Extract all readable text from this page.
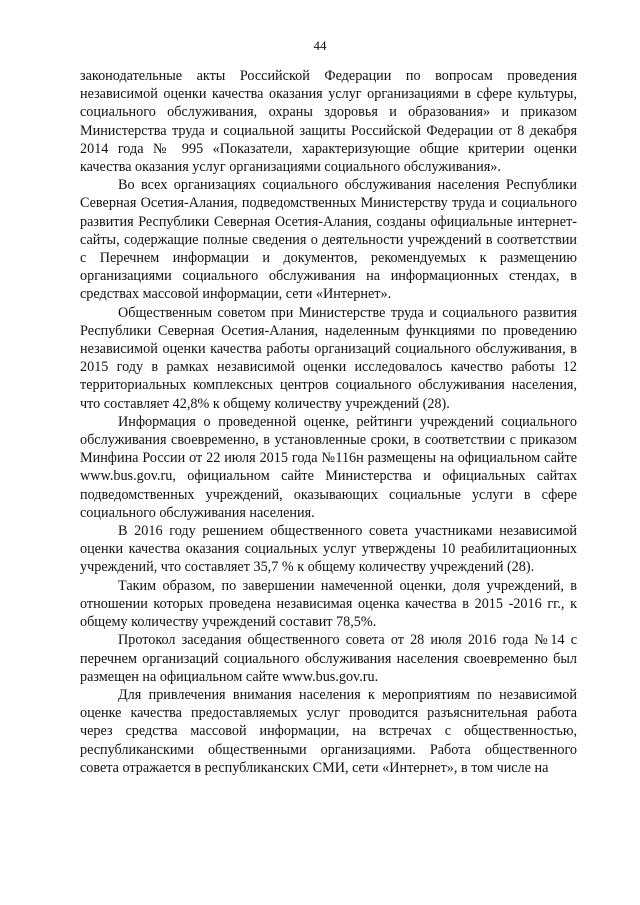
44

законодательные акты Российской Федерации по вопросам проведения независимой оценки качества оказания услуг организациями в сфере культуры, социального обслуживания, охраны здоровья и образования» и приказом Министерства труда и социальной защиты Российской Федерации от 8 декабря 2014 года № 995 «Показатели, характеризующие общие критерии оценки качества оказания услуг организациями социального обслуживания».

Во всех организациях социального обслуживания населения Республики Северная Осетия-Алания, подведомственных Министерству труда и социального развития Республики Северная Осетия-Алания, созданы официальные интернет-сайты, содержащие полные сведения о деятельности учреждений в соответствии с Перечнем информации и документов, рекомендуемых к размещению организациями социального обслуживания на информационных стендах, в средствах массовой информации, сети «Интернет».

Общественным советом при Министерстве труда и социального развития Республики Северная Осетия-Алания, наделенным функциями по проведению независимой оценки качества работы организаций социального обслуживания, в 2015 году в рамках независимой оценки исследовалось качество работы 12 территориальных комплексных центров социального обслуживания населения, что составляет 42,8% к общему количеству учреждений (28).

Информация о проведенной оценке, рейтинги учреждений социального обслуживания своевременно, в установленные сроки, в соответствии с приказом Минфина России от 22 июля 2015 года №116н размещены на официальном сайте www.bus.gov.ru, официальном сайте Министерства и официальных сайтах подведомственных учреждений, оказывающих социальные услуги в сфере социального обслуживания населения.

В 2016 году решением общественного совета участниками независимой оценки качества оказания социальных услуг утверждены 10 реабилитационных учреждений, что составляет 35,7 % к общему количеству учреждений (28).

Таким образом, по завершении намеченной оценки, доля учреждений, в отношении которых проведена независимая оценка качества в 2015 -2016 гг., к общему количеству учреждений составит 78,5%.

Протокол заседания общественного совета от 28 июля 2016 года №14 с перечнем организаций социального обслуживания населения своевременно был размещен на официальном сайте www.bus.gov.ru.

Для привлечения внимания населения к мероприятиям по независимой оценке качества предоставляемых услуг проводится разъяснительная работа через средства массовой информации, на встречах с общественностью, республиканскими общественными организациями. Работа общественного совета отражается в республиканских СМИ, сети «Интернет», в том числе на
